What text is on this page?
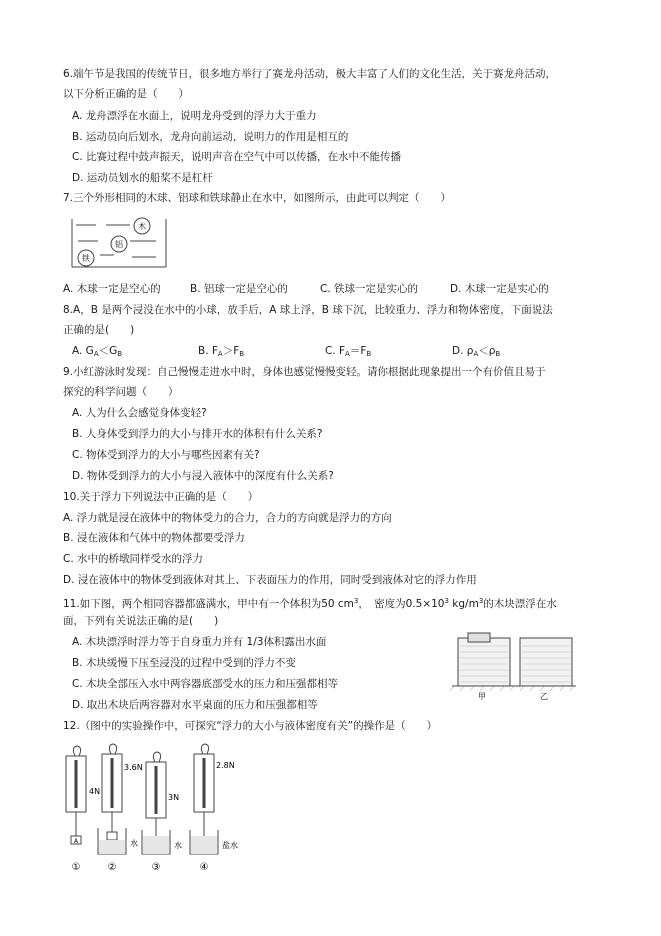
6.端午节是我国的传统节日，很多地方举行了赛龙舟活动，极大丰富了人们的文化生活，关于赛龙舟活动，
以下分析正确的是（　　）
A. 龙舟漂浮在水面上，说明龙舟受到的浮力大于重力
B. 运动员向后划水，龙舟向前运动，说明力的作用是相互的
C. 比赛过程中鼓声振天，说明声音在空气中可以传播，在水中不能传播
D. 运动员划水的船桨不是杠杆
7.三个外形相同的木球、铝球和铁球静止在水中，如图所示，由此可以判定（　　）
木
铝
铁
A. 木球一定是空心的	B. 铝球一定是空心的	C. 铁球一定是实心的	D. 木球一定是实心的
8.A，B 是两个浸没在水中的小球，放手后，A 球上浮，B 球下沉，比较重力、浮力和物体密度，下面说法
正确的是(　　)
A. $G_A<G_B$	B. $F_A>F_B$	C. $F_A=F_B$	D. $\rho_A<\rho_B$
9.小红游泳时发现：自己慢慢走进水中时，身体也感觉慢慢变轻。请你根据此现象提出一个有价值且易于
探究的科学问题（　　）
A. 人为什么会感觉身体变轻?
B. 人身体受到浮力的大小与排开水的体积有什么关系?
C. 物体受到浮力的大小与哪些因素有关?
D. 物体受到浮力的大小与浸入液体中的深度有什么关系?
10.关于浮力下列说法中正确的是（　　）
A. 浮力就是浸在液体中的物体受力的合力，合力的方向就是浮力的方向
B. 浸在液体和气体中的物体都要受浮力
C. 水中的桥墩同样受水的浮力
D. 浸在液体中的物体受到液体对其上、下表面压力的作用，同时受到液体对它的浮力作用
11.如下图，两个相同容器都盛满水，甲中有一个体积为50 $cm^3$，　密度为$0.5\times 10^3$ $kg/m^3$的木块漂浮在水
面，下列有关说法正确的是(　　)
A. 木块漂浮时浮力等于自身重力并有 1/3体积露出水面
B. 木块缓慢下压至浸没的过程中受到的浮力不变
C. 木块全部压入水中两容器底部受水的压力和压强都相等
D. 取出木块后两容器对水平桌面的压力和压强都相等
甲	乙
12.（图中的实验操作中，可探究“浮力的大小与液体密度有关”的操作是（　　）
A
4N
①
3.6N
水
②
3N
水
③
2.8N
盐水
④
